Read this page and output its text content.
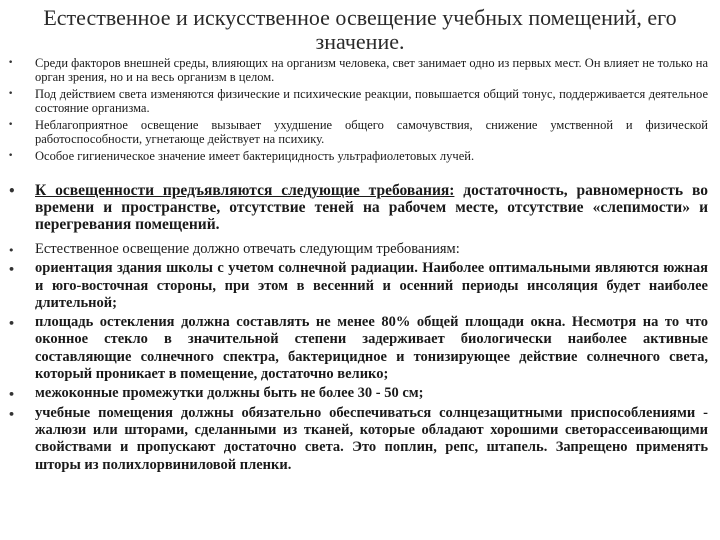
Естественное и искусственное освещение учебных помещений, его значение.
• Среди факторов внешней среды, влияющих на организм человека, свет занимает одно из первых мест. Он влияет не только на орган зрения, но и на весь организм в целом.
• Под действием света изменяются физические и психические реакции, повышается общий тонус, поддерживается деятельное состояние организма.
• Неблагоприятное освещение вызывает ухудшение общего самочувствия, снижение умственной и физической работоспособности, угнетающе действует на психику.
• Особое гигиеническое значение имеет бактерицидность ультрафиолетовых лучей.
• К освещенности предъявляются следующие требования: достаточность, равномерность во времени и пространстве, отсутствие теней на рабочем месте, отсутствие «слепимости» и перегревания помещений.
• Естественное освещение должно отвечать следующим требованиям:
• ориентация здания школы с учетом солнечной радиации. Наиболее оптимальными являются южная и юго-восточная стороны, при этом в весенний и осенний периоды инсоляция будет наиболее длительной;
• площадь остекления должна составлять не менее 80% общей площади окна. Несмотря на то что оконное стекло в значительной степени задерживает биологически наиболее активные составляющие солнечного спектра, бактерицидное и тонизирующее действие солнечного света, который проникает в помещение, достаточно велико;
• межоконные промежутки должны быть не более 30 - 50 см;
• учебные помещения должны обязательно обеспечиваться солнцезащитными приспособлениями - жалюзи или шторами, сделанными из тканей, которые обладают хорошими светорассеивающими свойствами и пропускают достаточно света. Это поплин, репс, штапель. Запрещено применять шторы из полихлорвиниловой пленки.
